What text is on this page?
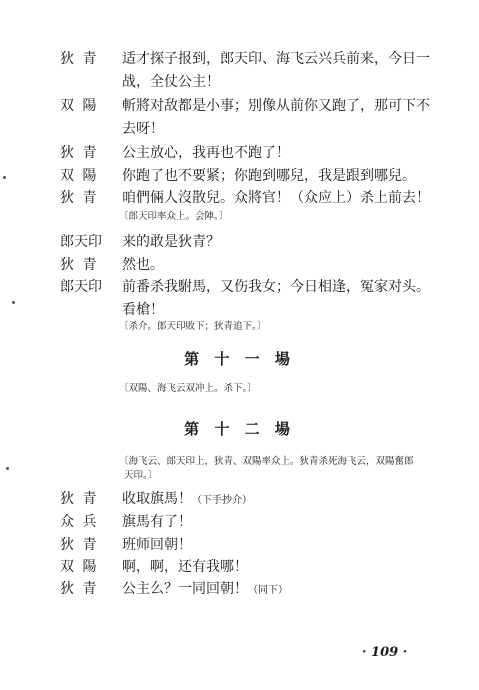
狄 青	适才探子报到，郎天印、海飞云兴兵前来，今日一
战，全仗公主！
双 陽	斬將对敌都是小事；別像从前你又跑了，那可下不
去呀！
狄 青	公主放心，我再也不跑了！
双 陽	你跑了也不要紧；你跑到哪兒，我是跟到哪兒。
狄 青	咱們倆人沒散兒。众將官！（众应上）杀上前去！
〔郎天印率众上。会陣。〕
郎天印	来的敢是狄青？
狄 青	然也。
郎天印	前番杀我駙馬，又伤我女；今日相逢，冤家对头。
看槍！
〔杀介。郎天印敗下；狄青追下。〕
第 十 一 場
〔双陽、海飞云双冲上。杀下。〕
第 十 二 場
〔海飞云、郎天印上，狄青、双陽率众上。狄青杀死海飞云，双陽奮郎
天印。〕
狄 青	收取旗馬！（下手抄介）
众 兵	旗馬有了！
狄 青	班师回朝！
双 陽	啊，啊，还有我哪！
狄 青	公主么？一同回朝！（同下）
· 109 ·
